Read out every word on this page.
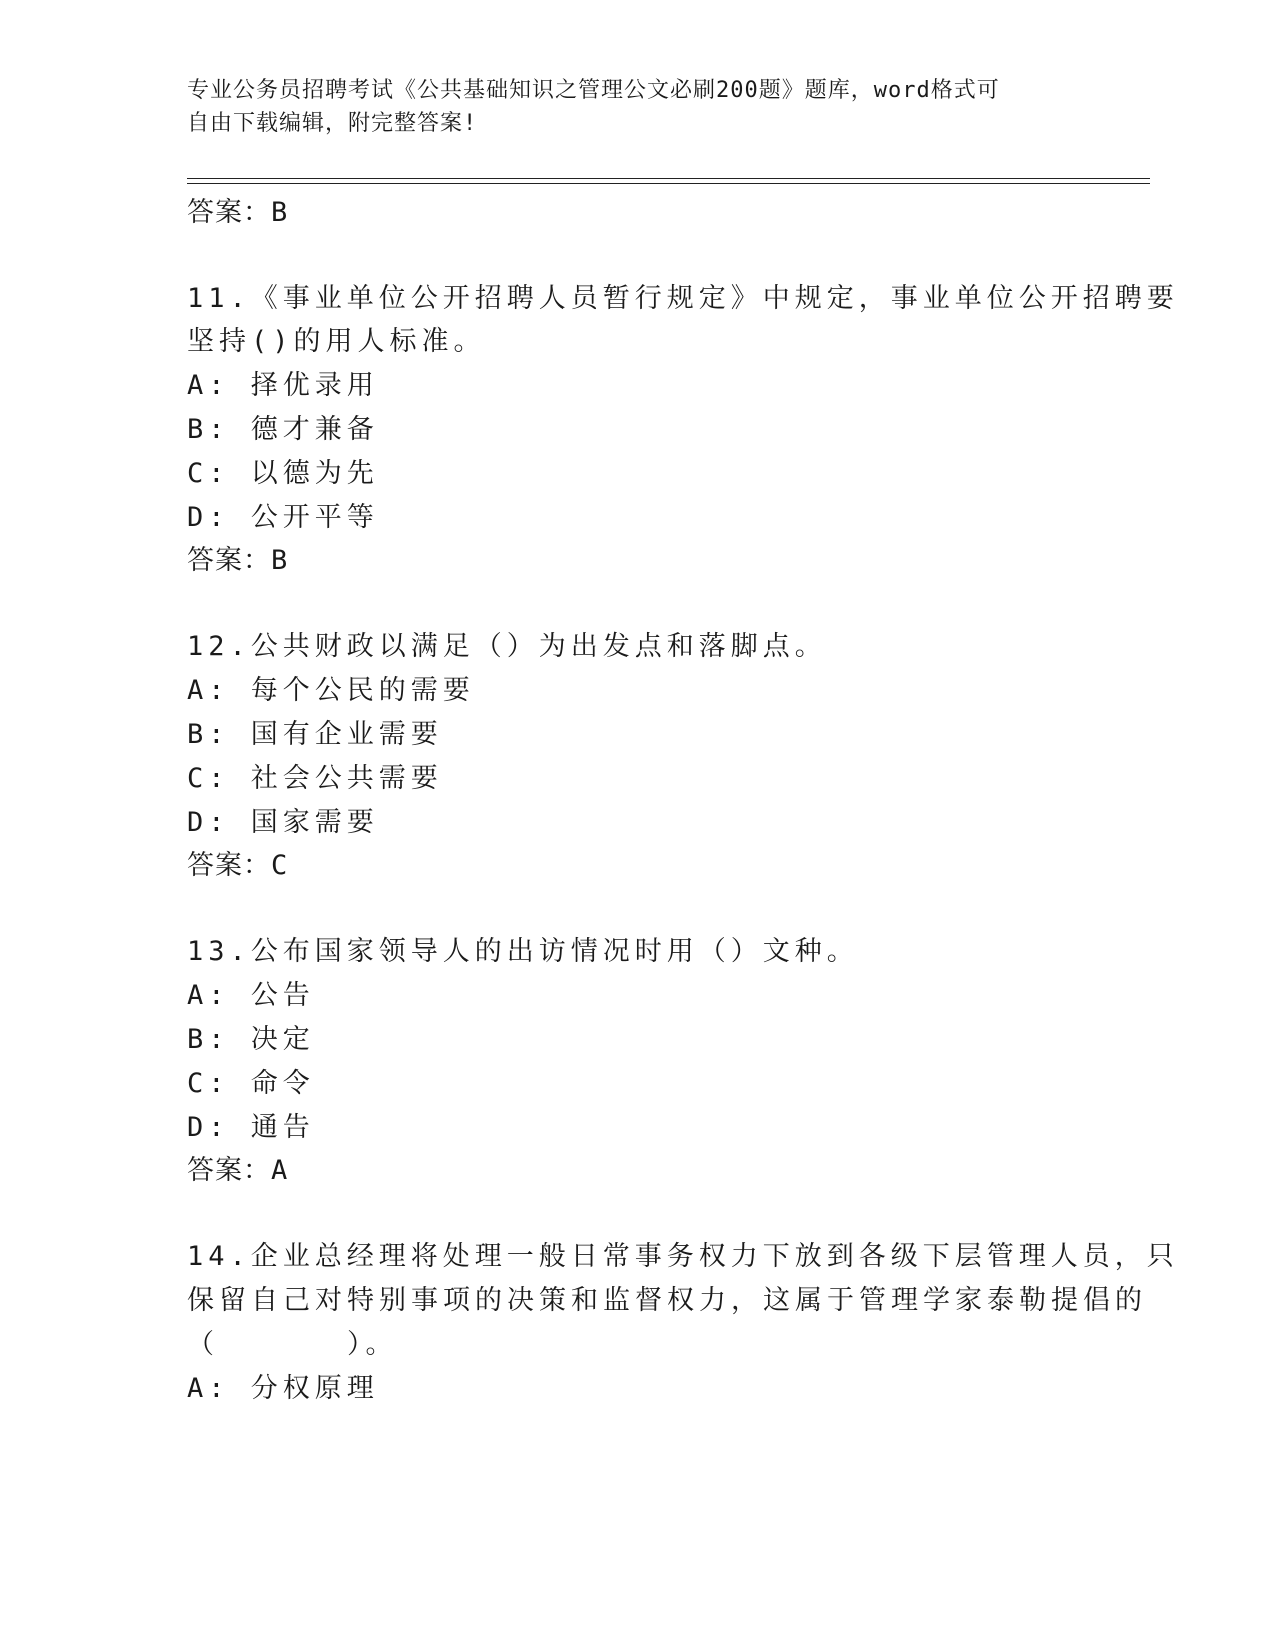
专业公务员招聘考试《公共基础知识之管理公文必刷200题》题库，word格式可
自由下载编辑，附完整答案!
答案：B
11.《事业单位公开招聘人员暂行规定》中规定，事业单位公开招聘要
坚持()的用人标准。
A: 择优录用
B: 德才兼备
C: 以德为先
D: 公开平等
答案：B
12.公共财政以满足（）为出发点和落脚点。
A: 每个公民的需要
B: 国有企业需要
C: 社会公共需要
D: 国家需要
答案：C
13.公布国家领导人的出访情况时用（）文种。
A: 公告
B: 决定
C: 命令
D: 通告
答案：A
14.企业总经理将处理一般日常事务权力下放到各级下层管理人员，只
保留自己对特别事项的决策和监督权力，这属于管理学家泰勒提倡的
（　　　　）。
A: 分权原理
